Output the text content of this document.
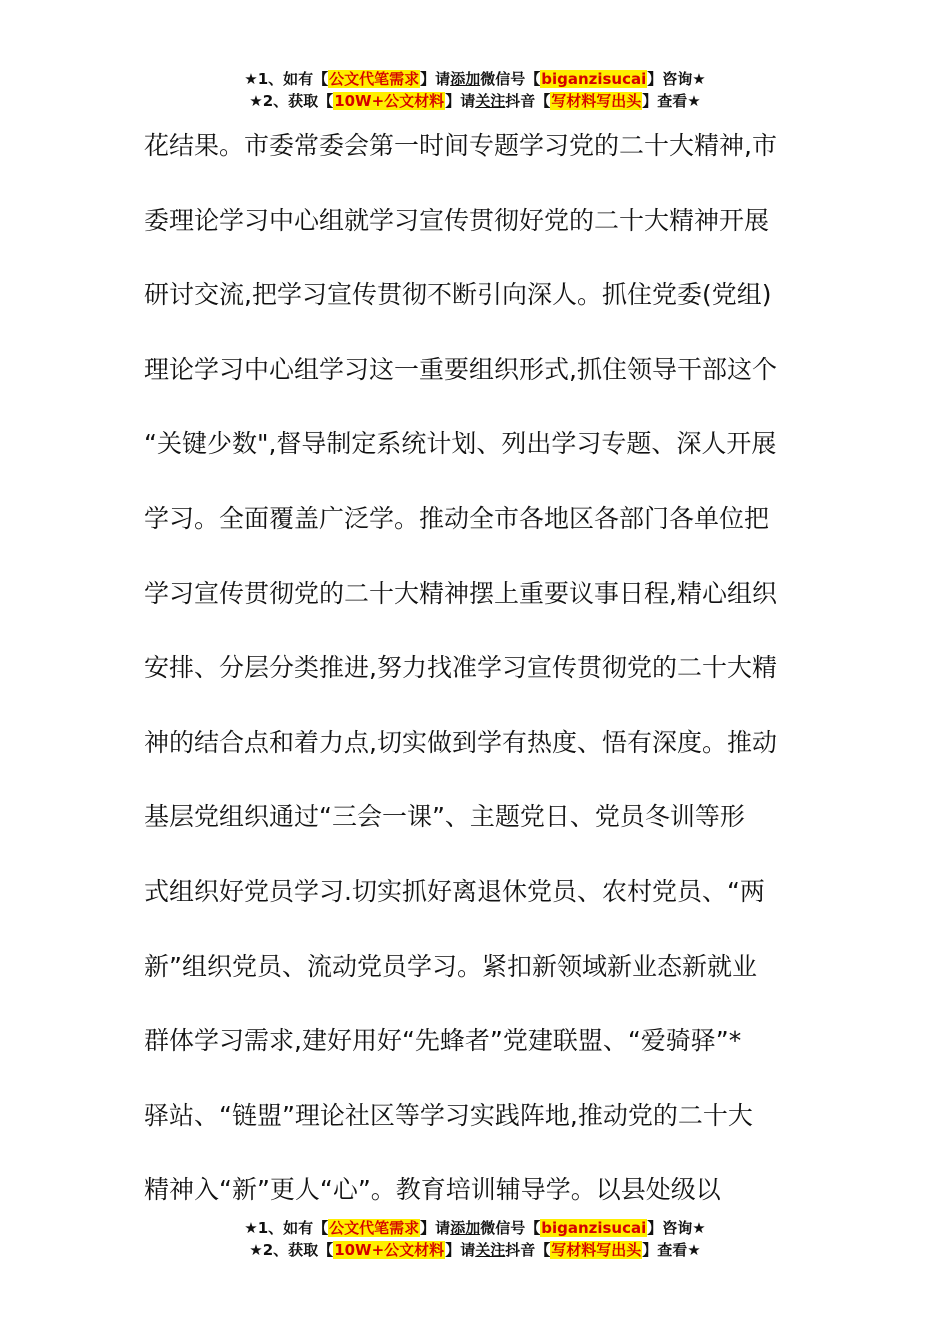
★1、如有【公文代笔需求】请添加微信号【biganzisucai】咨询★
★2、获取【10W+公文材料】请关注抖音【写材料写出头】查看★
花结果。市委常委会第一时间专题学习党的二十大精神,市
委理论学习中心组就学习宣传贯彻好党的二十大精神开展
研讨交流,把学习宣传贯彻不断引向深人。抓住党委(党组)
理论学习中心组学习这一重要组织形式,抓住领导干部这个
“关键少数",督导制定系统计划、列出学习专题、深人开展
学习。全面覆盖广泛学。推动全市各地区各部门各单位把
学习宣传贯彻党的二十大精神摆上重要议事日程,精心组织
安排、分层分类推进,努力找准学习宣传贯彻党的二十大精
神的结合点和着力点,切实做到学有热度、悟有深度。推动
基层党组织通过“三会一课”、主题党日、党员冬训等形
式组织好党员学习.切实抓好离退休党员、农村党员、“两
新”组织党员、流动党员学习。紧扣新领域新业态新就业
群体学习需求,建好用好“先蜂者”党建联盟、“爱骑驿”*
驿站、“链盟”理论社区等学习实践阵地,推动党的二十大
精神入“新”更人“心”。教育培训辅导学。以县处级以
★1、如有【公文代笔需求】请添加微信号【biganzisucai】咨询★
★2、获取【10W+公文材料】请关注抖音【写材料写出头】查看★
